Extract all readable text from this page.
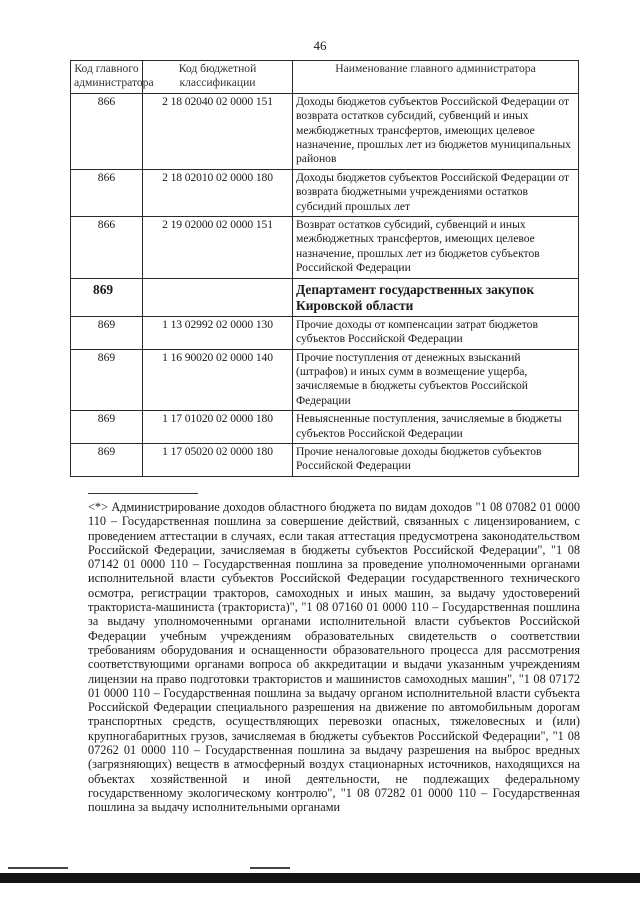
46
Код главного администратора	Код бюджетной классификации	Наименование главного администратора
866	2 18 02040 02 0000 151	Доходы бюджетов субъектов Российской Федерации от возврата остатков субсидий, субвенций и иных межбюджетных трансфертов, имеющих целевое назначение, прошлых лет из бюджетов муниципальных районов
866	2 18 02010 02 0000 180	Доходы бюджетов субъектов Российской Федерации от возврата бюджетными учреждениями остатков субсидий прошлых лет
866	2 19 02000 02 0000 151	Возврат остатков субсидий, субвенций и иных межбюджетных трансфертов, имеющих целевое назначение, прошлых лет из бюджетов субъектов Российской Федерации
869		Департамент государственных закупок Кировской области
869	1 13 02992 02 0000 130	Прочие доходы от компенсации затрат бюджетов субъектов Российской Федерации
869	1 16 90020 02 0000 140	Прочие поступления от денежных взысканий (штрафов) и иных сумм в возмещение ущерба, зачисляемые в бюджеты субъектов Российской Федерации
869	1 17 01020 02 0000 180	Невыясненные поступления, зачисляемые в бюджеты субъектов Российской Федерации
869	1 17 05020 02 0000 180	Прочие неналоговые доходы бюджетов субъектов Российской Федерации
<*> Администрирование доходов областного бюджета по видам доходов "1 08 07082 01 0000 110 – Государственная пошлина за совершение действий, связанных с лицензированием, с проведением аттестации в случаях, если такая аттестация предусмотрена законодательством Российской Федерации, зачисляемая в бюджеты субъектов Российской Федерации", "1 08 07142 01 0000 110 – Государственная пошлина за проведение уполномоченными органами исполнительной власти субъектов Российской Федерации государственного технического осмотра, регистрации тракторов, самоходных и иных машин, за выдачу удостоверений тракториста-машиниста (тракториста)", "1 08 07160 01 0000 110 – Государственная пошлина за выдачу уполномоченными органами исполнительной власти субъектов Российской Федерации учебным учреждениям образовательных свидетельств о соответствии требованиям оборудования и оснащенности образовательного процесса для рассмотрения соответствующими органами вопроса об аккредитации и выдачи указанным учреждениям лицензии на право подготовки трактористов и машинистов самоходных машин", "1 08 07172 01 0000 110 – Государственная пошлина за выдачу органом исполнительной власти субъекта Российской Федерации специального разрешения на движение по автомобильным дорогам транспортных средств, осуществляющих перевозки опасных, тяжеловесных и (или) крупногабаритных грузов, зачисляемая в бюджеты субъектов Российской Федерации", "1 08 07262 01 0000 110 – Государственная пошлина за выдачу разрешения на выброс вредных (загрязняющих) веществ в атмосферный воздух стационарных источников, находящихся на объектах хозяйственной и иной деятельности, не подлежащих федеральному государственному экологическому контролю", "1 08 07282 01 0000 110 – Государственная пошлина за выдачу исполнительными органами
